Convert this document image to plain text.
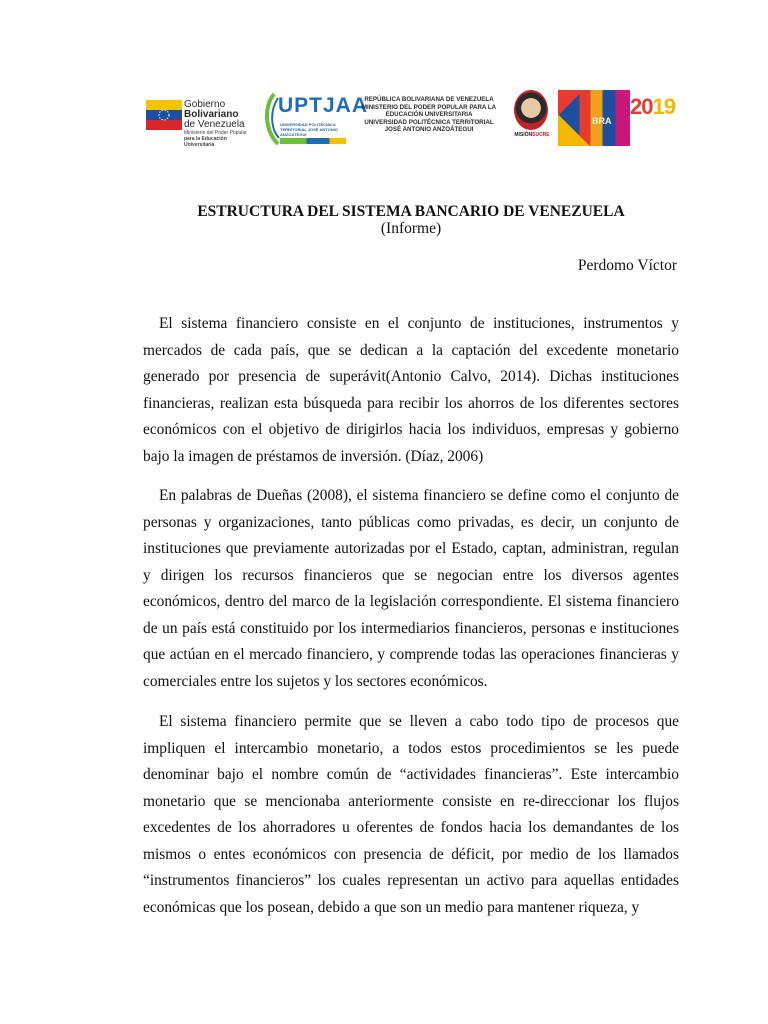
Gobierno
Bolivariano
de Venezuela
Ministerio del Poder Popular
para la Educación Universitaria
UPTJAA
UNIVERSIDAD POLITÉCNICA TERRITORIAL JOSÉ ANTONIO ANZOÁTEGUI
REPÚBLICA BOLIVARIANA DE VENEZUELA
MINISTERIO DEL PODER POPULAR PARA LA
EDUCACIÓN UNIVERSITARIA
UNIVERSIDAD POLITÉCNICA TERRITORIAL
JOSÉ ANTONIO ANZOÁTEGUI
MISIÓNSUCRE
BRA
2019
ESTRUCTURA DEL SISTEMA BANCARIO DE VENEZUELA
(Informe)
Perdomo Víctor

El sistema financiero consiste en el conjunto de instituciones, instrumentos y mercados de cada país, que se dedican a la captación del excedente monetario generado por presencia de superávit(Antonio Calvo, 2014). Dichas instituciones financieras, realizan esta búsqueda para recibir los ahorros de los diferentes sectores económicos con el objetivo de dirigirlos hacia los individuos, empresas y gobierno bajo la imagen de préstamos de inversión. (Díaz, 2006)

En palabras de Dueñas (2008), el sistema financiero se define como el conjunto de personas y organizaciones, tanto públicas como privadas, es decir, un conjunto de instituciones que previamente autorizadas por el Estado, captan, administran, regulan y dirigen los recursos financieros que se negocian entre los diversos agentes económicos, dentro del marco de la legislación correspondiente. El sistema financiero de un país está constituido por los intermediarios financieros, personas e instituciones que actúan en el mercado financiero, y comprende todas las operaciones financieras y comerciales entre los sujetos y los sectores económicos.

El sistema financiero permite que se lleven a cabo todo tipo de procesos que impliquen el intercambio monetario, a todos estos procedimientos se les puede denominar bajo el nombre común de “actividades financieras”. Este intercambio monetario que se mencionaba anteriormente consiste en re-direccionar los flujos excedentes de los ahorradores u oferentes de fondos hacia los demandantes de los mismos o entes económicos con presencia de déficit, por medio de los llamados “instrumentos financieros” los cuales representan un activo para aquellas entidades económicas que los posean, debido a que son un medio para mantener riqueza, y
